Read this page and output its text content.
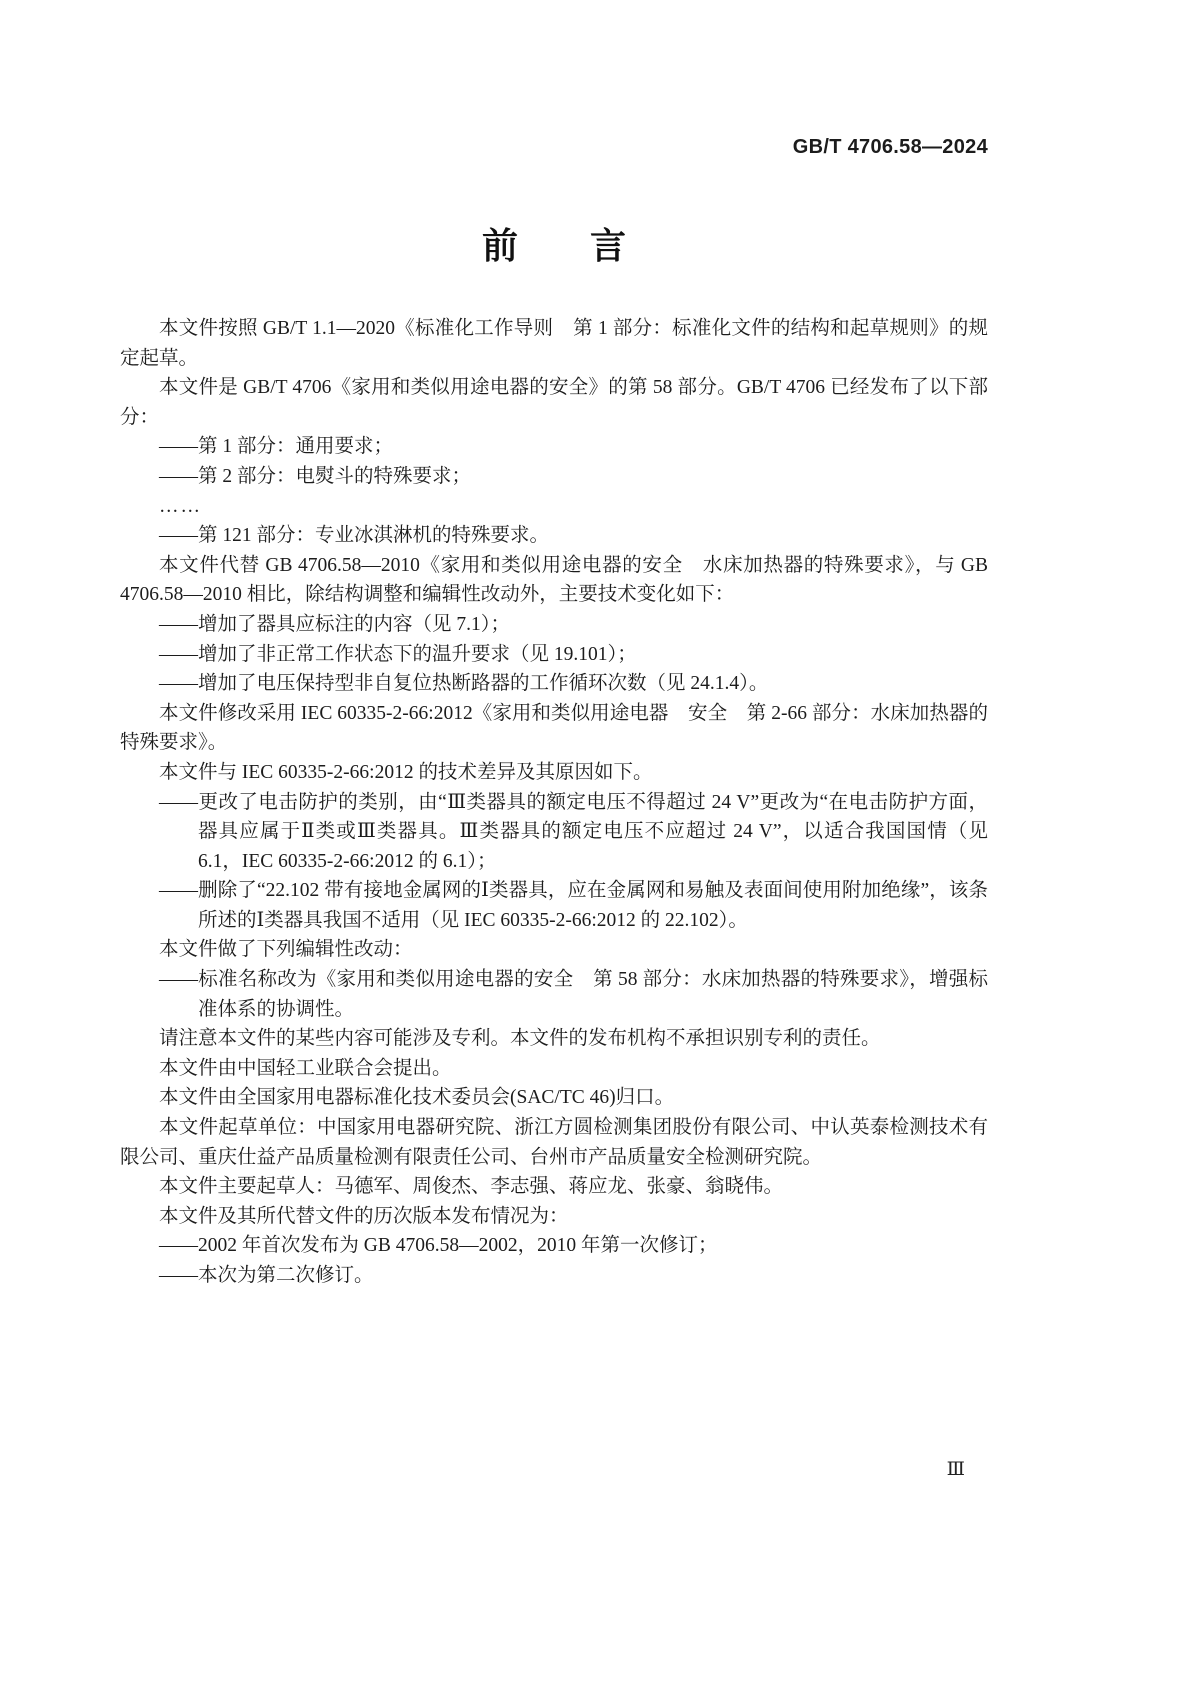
GB/T 4706.58—2024
前　　言
本文件按照 GB/T 1.1—2020《标准化工作导则　第 1 部分：标准化文件的结构和起草规则》的规定起草。
本文件是 GB/T 4706《家用和类似用途电器的安全》的第 58 部分。GB/T 4706 已经发布了以下部分：
——第 1 部分：通用要求；
——第 2 部分：电熨斗的特殊要求；
……
——第 121 部分：专业冰淇淋机的特殊要求。
本文件代替 GB 4706.58—2010《家用和类似用途电器的安全　水床加热器的特殊要求》，与 GB 4706.58—2010 相比，除结构调整和编辑性改动外，主要技术变化如下：
——增加了器具应标注的内容（见 7.1）；
——增加了非正常工作状态下的温升要求（见 19.101）；
——增加了电压保持型非自复位热断路器的工作循环次数（见 24.1.4）。
本文件修改采用 IEC 60335-2-66:2012《家用和类似用途电器　安全　第 2-66 部分：水床加热器的特殊要求》。
本文件与 IEC 60335-2-66:2012 的技术差异及其原因如下。
——更改了电击防护的类别，由“Ⅲ类器具的额定电压不得超过 24 V”更改为“在电击防护方面，器具应属于Ⅱ类或Ⅲ类器具。Ⅲ类器具的额定电压不应超过 24 V”，以适合我国国情（见 6.1，IEC 60335-2-66:2012 的 6.1）；
——删除了“22.102 带有接地金属网的Ⅰ类器具，应在金属网和易触及表面间使用附加绝缘”，该条所述的Ⅰ类器具我国不适用（见 IEC 60335-2-66:2012 的 22.102）。
本文件做了下列编辑性改动：
——标准名称改为《家用和类似用途电器的安全　第 58 部分：水床加热器的特殊要求》，增强标准体系的协调性。
请注意本文件的某些内容可能涉及专利。本文件的发布机构不承担识别专利的责任。
本文件由中国轻工业联合会提出。
本文件由全国家用电器标准化技术委员会(SAC/TC 46)归口。
本文件起草单位：中国家用电器研究院、浙江方圆检测集团股份有限公司、中认英泰检测技术有限公司、重庆仕益产品质量检测有限责任公司、台州市产品质量安全检测研究院。
本文件主要起草人：马德军、周俊杰、李志强、蒋应龙、张豪、翁晓伟。
本文件及其所代替文件的历次版本发布情况为：
——2002 年首次发布为 GB 4706.58—2002，2010 年第一次修订；
——本次为第二次修订。
Ⅲ
